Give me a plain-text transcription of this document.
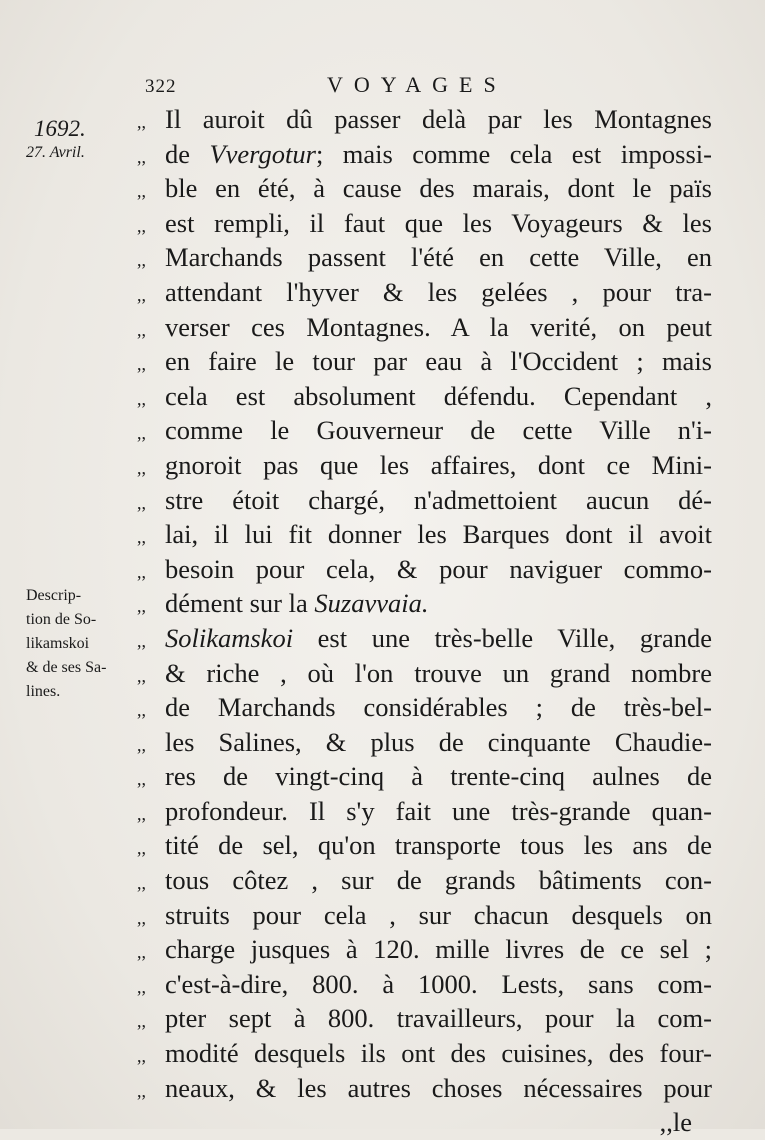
322	VOYAGES
1692.
27. Avril.
Descrip-
tion de So-
likamskoi
& de ses Sa-
lines.
,, Il auroit dû passer delà par les Montagnes
,, de Vvergotur; mais comme cela est impossi-
,, ble en été, à cause des marais, dont le païs
,, est rempli, il faut que les Voyageurs & les
,, Marchands passent l'été en cette Ville, en
,, attendant l'hyver & les gelées , pour tra-
,, verser ces Montagnes. A la verité, on peut
,, en faire le tour par eau à l'Occident ; mais
,, cela est absolument défendu. Cependant ,
,, comme le Gouverneur de cette Ville n'i-
,, gnoroit pas que les affaires, dont ce Mini-
,, stre étoit chargé, n'admettoient aucun dé-
,, lai, il lui fit donner les Barques dont il avoit
,, besoin pour cela, & pour naviguer commo-
,, dément sur la Suzavvaia.
,, Solikamskoi est une très-belle Ville, grande
,, & riche , où l'on trouve un grand nombre
,, de Marchands considérables ; de très-bel-
,, les Salines, & plus de cinquante Chaudie-
,, res de vingt-cinq à trente-cinq aulnes de
,, profondeur. Il s'y fait une très-grande quan-
,, tité de sel, qu'on transporte tous les ans de
,, tous côtez , sur de grands bâtiments con-
,, struits pour cela , sur chacun desquels on
,, charge jusques à 120. mille livres de ce sel ;
,, c'est-à-dire, 800. à 1000. Lests, sans com-
,, pter sept à 800. travailleurs, pour la com-
,, modité desquels ils ont des cuisines, des four-
,, neaux, & les autres choses nécessaires pour
,,le
